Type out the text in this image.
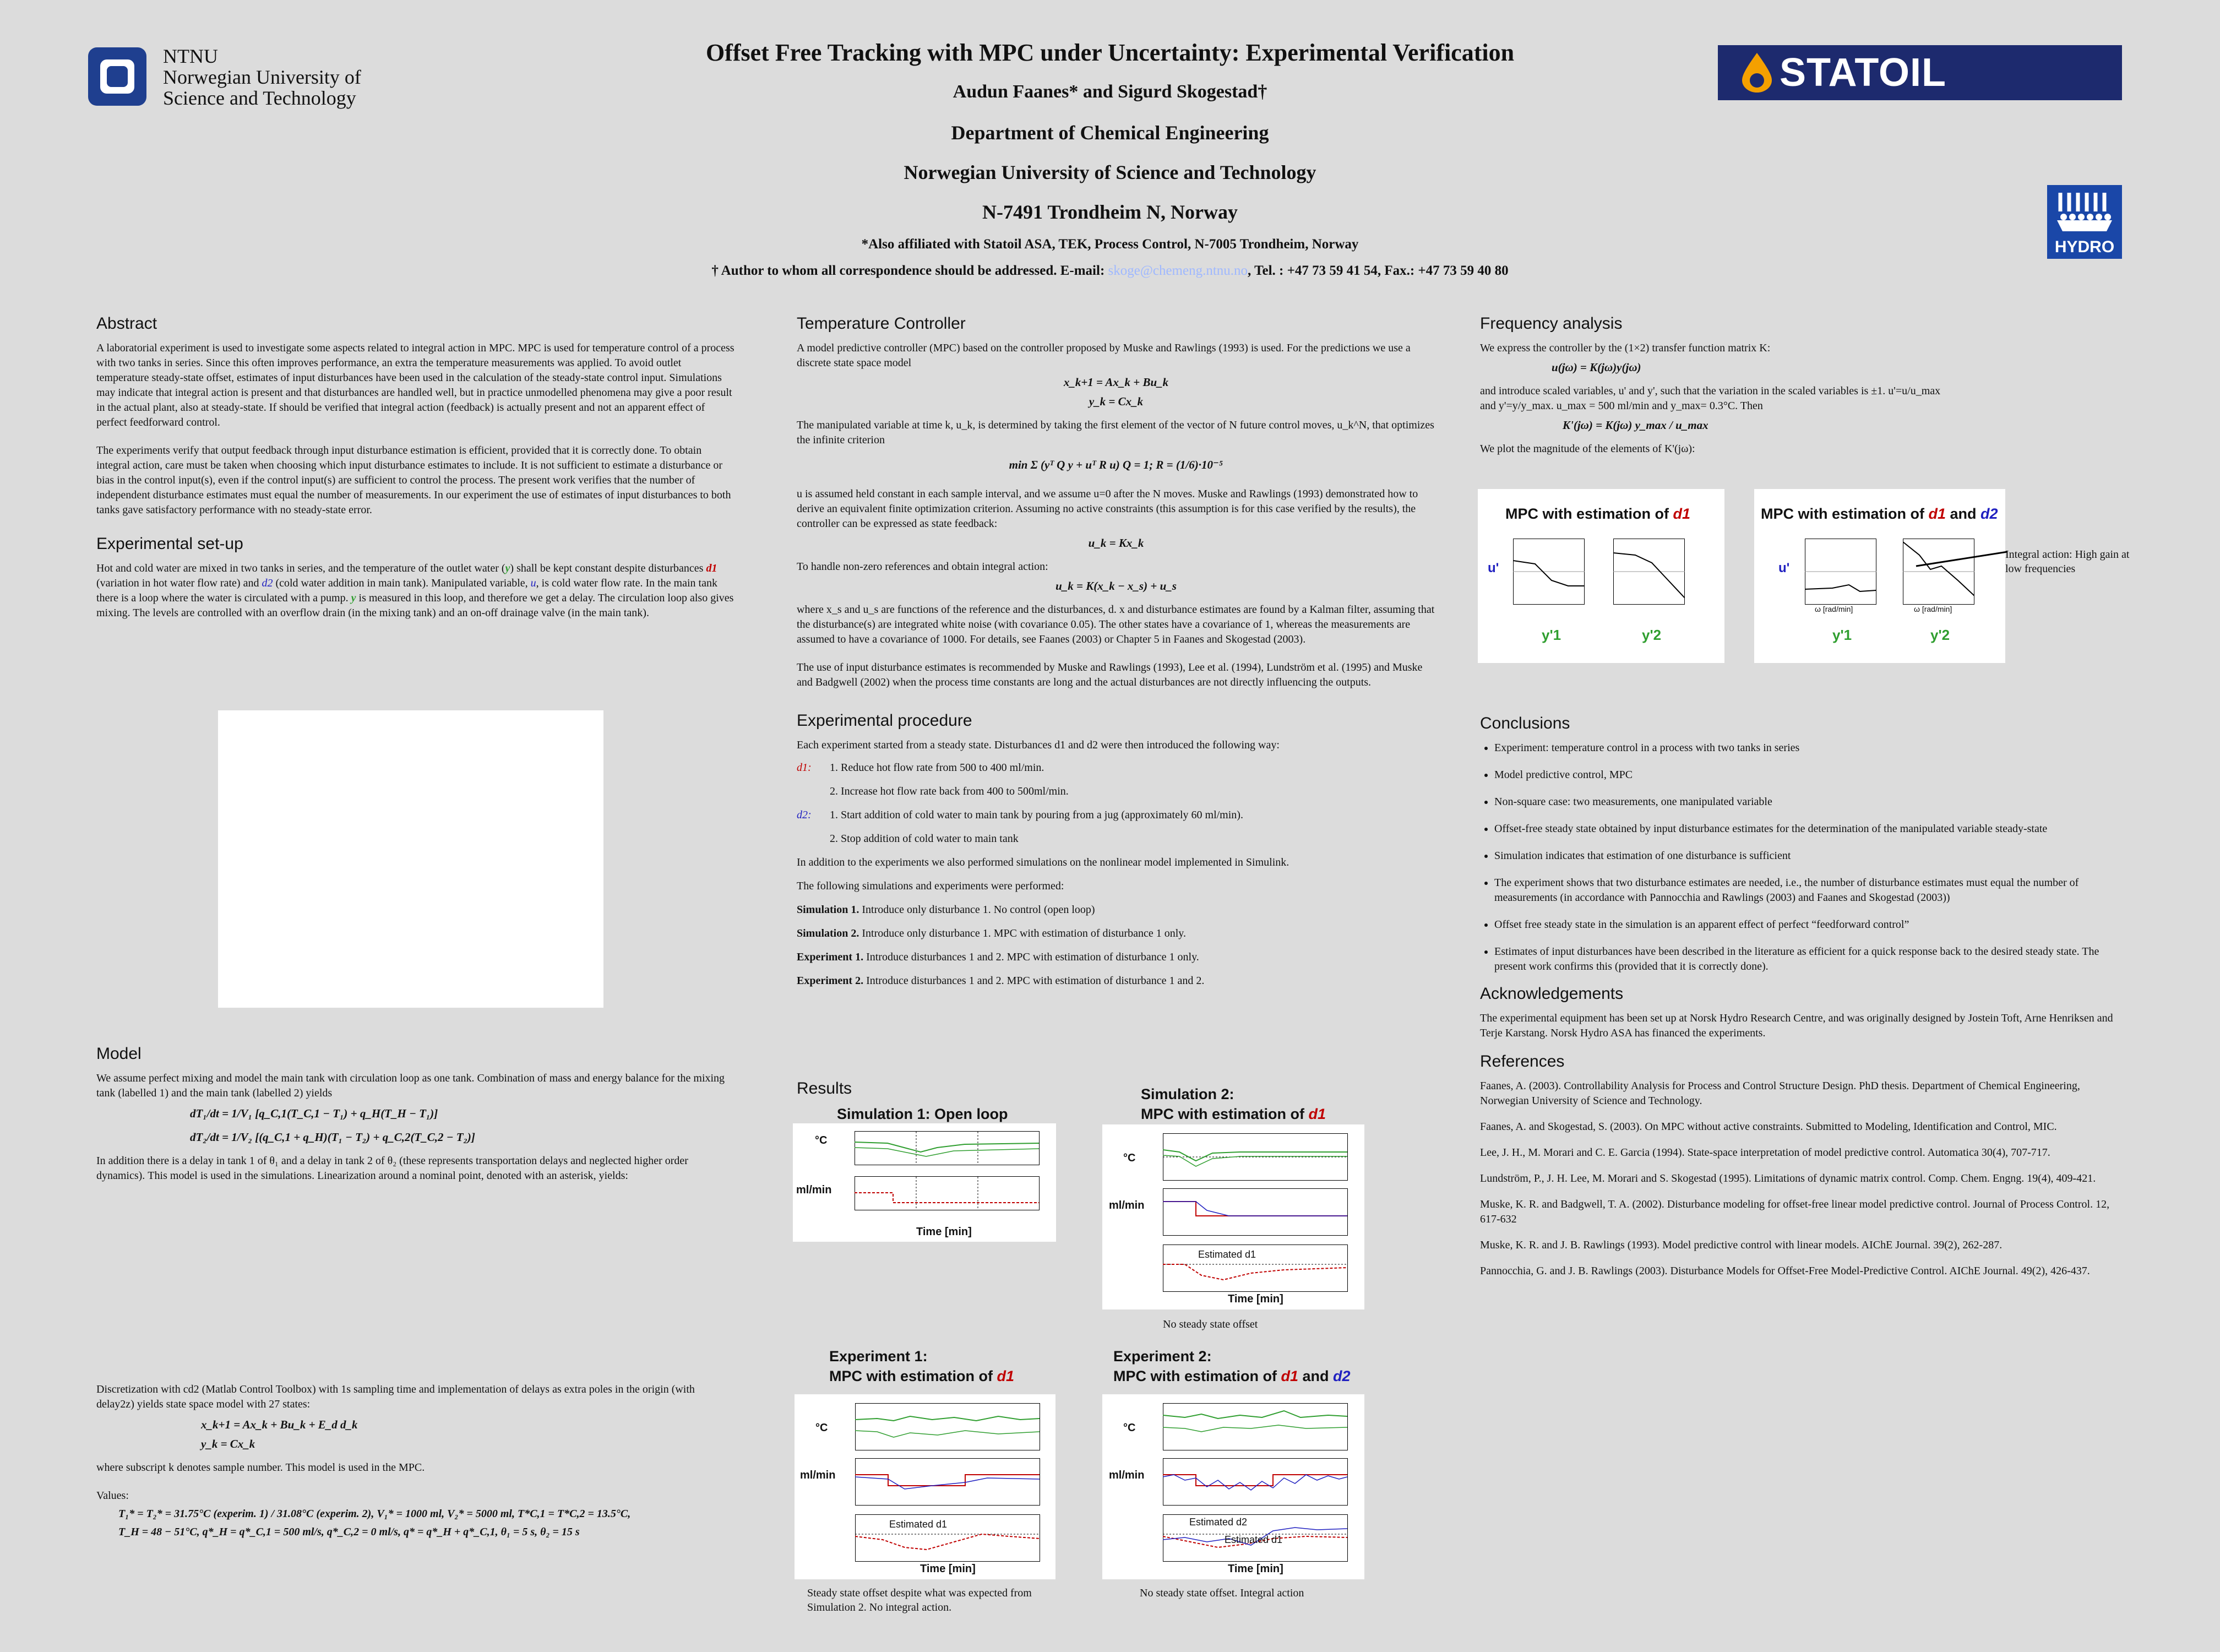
NTNU
Norwegian University of
Science and Technology
STATOIL
HYDRO
Offset Free Tracking with MPC under Uncertainty: Experimental Verification
Audun Faanes* and Sigurd Skogestad†
Department of Chemical Engineering
Norwegian University of Science and Technology
N-7491 Trondheim N, Norway
*Also affiliated with Statoil ASA, TEK, Process Control, N-7005 Trondheim, Norway
† Author to whom all correspondence should be addressed. E-mail: skoge@chemeng.ntnu.no, Tel. : +47 73 59 41 54, Fax.: +47 73 59 40 80
Abstract

A laboratorial experiment is used to investigate some aspects related to integral action in MPC. MPC is used for temperature control of a process with two tanks in series. Since this often improves performance, an extra the temperature measurements was applied. To avoid outlet temperature steady-state offset, estimates of input disturbances have been used in the calculation of the steady-state control input. Simulations may indicate that integral action is present and that disturbances are handled well, but in practice unmodelled phenomena may give a poor result in the actual plant, also at steady-state. If should be verified that integral action (feedback) is actually present and not an apparent effect of perfect feedforward control.

The experiments verify that output feedback through input disturbance estimation is efficient, provided that it is correctly done. To obtain integral action, care must be taken when choosing which input disturbance estimates to include. It is not sufficient to estimate a disturbance or bias in the control input(s), even if the control input(s) are sufficient to control the process. The present work verifies that the number of independent disturbance estimates must equal the number of measurements. In our experiment the use of estimates of input disturbances to both tanks gave satisfactory performance with no steady-state error.

Experimental set-up

Hot and cold water are mixed in two tanks in series, and the temperature of the outlet water (y) shall be kept constant despite disturbances d1 (variation in hot water flow rate) and d2 (cold water addition in main tank). Manipulated variable, u, is cold water flow rate. In the main tank there is a loop where the water is circulated with a pump. y is measured in this loop, and therefore we get a delay. The circulation loop also gives mixing. The levels are controlled with an overflow drain (in the mixing tank) and an on-off drainage valve (in the main tank).

Model

We assume perfect mixing and model the main tank with circulation loop as one tank. Combination of mass and energy balance for the mixing tank (labelled 1) and the main tank (labelled 2) yields

dT₁/dt = 1/V₁ [q_C,1(T_C,1 − T₁) + q_H(T_H − T₁)]
dT₂/dt = 1/V₂ [(q_C,1 + q_H)(T₁ − T₂) + q_C,2(T_C,2 − T₂)]

In addition there is a delay in tank 1 of θ₁ and a delay in tank 2 of θ₂ (these represents transportation delays and neglected higher order dynamics). This model is used in the simulations. Linearization around a nominal point, denoted with an asterisk, yields:

Discretization with cd2 (Matlab Control Toolbox) with 1s sampling time and implementation of delays as extra poles in the origin (with delay2z) yields state space model with 27 states:

x_k+1 = Ax_k + Bu_k + E_d d_k
y_k = Cx_k

where subscript k denotes sample number. This model is used in the MPC.

Values:
T₁* = T₂* = 31.75°C (experim. 1) / 31.08°C (experim. 2), V₁* = 1000 ml, V₂* = 5000 ml, T*C,1 = T*C,2 = 13.5°C,
T_H = 48 − 51°C, q*_H = q*_C,1 = 500 ml/s, q*_C,2 = 0 ml/s, q* = q*_H + q*_C,1, θ₁ = 5 s, θ₂ = 15 s
Temperature Controller

A model predictive controller (MPC) based on the controller proposed by Muske and Rawlings (1993) is used. For the predictions we use a discrete state space model

x_k+1 = Ax_k + Bu_k
y_k = Cx_k

The manipulated variable at time k, u_k, is determined by taking the first element of the vector of N future control moves, u_k^N, that optimizes the infinite criterion

min Σ (yᵀ Q y + uᵀ R u) Q = 1; R = (1/6)·10⁻⁵

u is assumed held constant in each sample interval, and we assume u=0 after the N moves. Muske and Rawlings (1993) demonstrated how to derive an equivalent finite optimization criterion. Assuming no active constraints (this assumption is for this case verified by the results), the controller can be expressed as state feedback:

u_k = Kx_k

To handle non-zero references and obtain integral action:

u_k = K(x_k − x_s) + u_s

where x_s and u_s are functions of the reference and the disturbances, d. x and disturbance estimates are found by a Kalman filter, assuming that the disturbance(s) are integrated white noise (with covariance 0.05). The other states have a covariance of 1, whereas the measurements are assumed to have a covariance of 1000. For details, see Faanes (2003) or Chapter 5 in Faanes and Skogestad (2003).

The use of input disturbance estimates is recommended by Muske and Rawlings (1993), Lee et al. (1994), Lundström et al. (1995) and Muske and Badgwell (2002) when the process time constants are long and the actual disturbances are not directly influencing the outputs.

Experimental procedure

Each experiment started from a steady state. Disturbances d1 and d2 were then introduced the following way:

d1: 1. Reduce hot flow rate from 500 to 400 ml/min.
2. Increase hot flow rate back from 400 to 500ml/min.
d2: 1. Start addition of cold water to main tank by pouring from a jug (approximately 60 ml/min).
2. Stop addition of cold water to main tank

In addition to the experiments we also performed simulations on the nonlinear model implemented in Simulink.

The following simulations and experiments were performed:

Simulation 1. Introduce only disturbance 1. No control (open loop)
Simulation 2. Introduce only disturbance 1. MPC with estimation of disturbance 1 only.
Experiment 1. Introduce disturbances 1 and 2. MPC with estimation of disturbance 1 only.
Experiment 2. Introduce disturbances 1 and 2. MPC with estimation of disturbance 1 and 2.
Results
Simulation 1: Open loop
°C
ml/min
Time [min]
Simulation 2:
MPC with estimation of d1
°C
ml/min
Estimated d1
Time [min]
No steady state offset
Experiment 1:
MPC with estimation of d1
°C
ml/min
Estimated d1
Time [min]
Steady state offset despite what was expected from Simulation 2. No integral action.
Experiment 2:
MPC with estimation of d1 and d2
°C
ml/min
Estimated d2
Estimated d1
Time [min]
No steady state offset. Integral action
Frequency analysis

We express the controller by the (1×2) transfer function matrix K:

u(jω) = K(jω)y(jω)

and introduce scaled variables, u' and y', such that the variation in the scaled variables is ±1. u'=u/u_max and y'=y/y_max. u_max = 500 ml/min and y_max= 0.3°C. Then

K'(jω) = K(jω) y_max / u_max

We plot the magnitude of the elements of K'(jω):

MPC with estimation of d1
u'
y'1	y'2
MPC with estimation of d1 and d2
u'
ω [rad/min]	ω [rad/min]
y'1	y'2
Integral action: High gain at low frequencies
Conclusions
• Experiment: temperature control in a process with two tanks in series
• Model predictive control, MPC
• Non-square case: two measurements, one manipulated variable
• Offset-free steady state obtained by input disturbance estimates for the determination of the manipulated variable steady-state
• Simulation indicates that estimation of one disturbance is sufficient
• The experiment shows that two disturbance estimates are needed, i.e., the number of disturbance estimates must equal the number of measurements (in accordance with Pannocchia and Rawlings (2003) and Faanes and Skogestad (2003))
• Offset free steady state in the simulation is an apparent effect of perfect “feedforward control”
• Estimates of input disturbances have been described in the literature as efficient for a quick response back to the desired steady state. The present work confirms this (provided that it is correctly done).
Acknowledgements

The experimental equipment has been set up at Norsk Hydro Research Centre, and was originally designed by Jostein Toft, Arne Henriksen and Terje Karstang. Norsk Hydro ASA has financed the experiments.

References
Faanes, A. (2003). Controllability Analysis for Process and Control Structure Design. PhD thesis. Department of Chemical Engineering, Norwegian University of Science and Technology.
Faanes, A. and Skogestad, S. (2003). On MPC without active constraints. Submitted to Modeling, Identification and Control, MIC.
Lee, J. H., M. Morari and C. E. Garcia (1994). State-space interpretation of model predictive control. Automatica 30(4), 707-717.
Lundström, P., J. H. Lee, M. Morari and S. Skogestad (1995). Limitations of dynamic matrix control. Comp. Chem. Engng. 19(4), 409-421.
Muske, K. R. and Badgwell, T. A. (2002). Disturbance modeling for offset-free linear model predictive control. Journal of Process Control. 12, 617-632
Muske, K. R. and J. B. Rawlings (1993). Model predictive control with linear models. AIChE Journal. 39(2), 262-287.
Pannocchia, G. and J. B. Rawlings (2003). Disturbance Models for Offset-Free Model-Predictive Control. AIChE Journal. 49(2), 426-437.
